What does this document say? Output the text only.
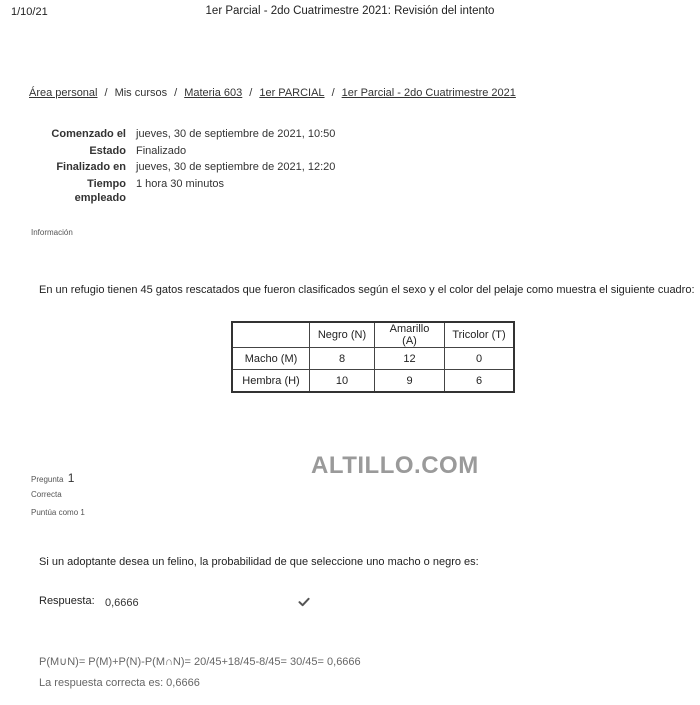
1/10/21	1er Parcial - 2do Cuatrimestre 2021: Revisión del intento
Área personal / Mis cursos / Materia 603 / 1er PARCIAL / 1er Parcial - 2do Cuatrimestre 2021
Comenzado el jueves, 30 de septiembre de 2021, 10:50
Estado Finalizado
Finalizado en jueves, 30 de septiembre de 2021, 12:20
Tiempo
empleado
1 hora 30 minutos
Información
En un refugio tienen 45 gatos rescatados que fueron clasificados según el sexo y el color del pelaje como muestra el siguiente cuadro:
	Negro (N)	Amarillo (A)	Tricolor (T)
Macho (M)	8	12	0
Hembra (H)	10	9	6
ALTILLO.COM
Pregunta 1
Correcta
Puntúa como 1
Si un adoptante desea un felino, la probabilidad de que seleccione uno macho o negro es:
Respuesta: 0,6666
P(M∪N)= P(M)+P(N)-P(M∩N)= 20/45+18/45-8/45= 30/45= 0,6666
La respuesta correcta es: 0,6666
